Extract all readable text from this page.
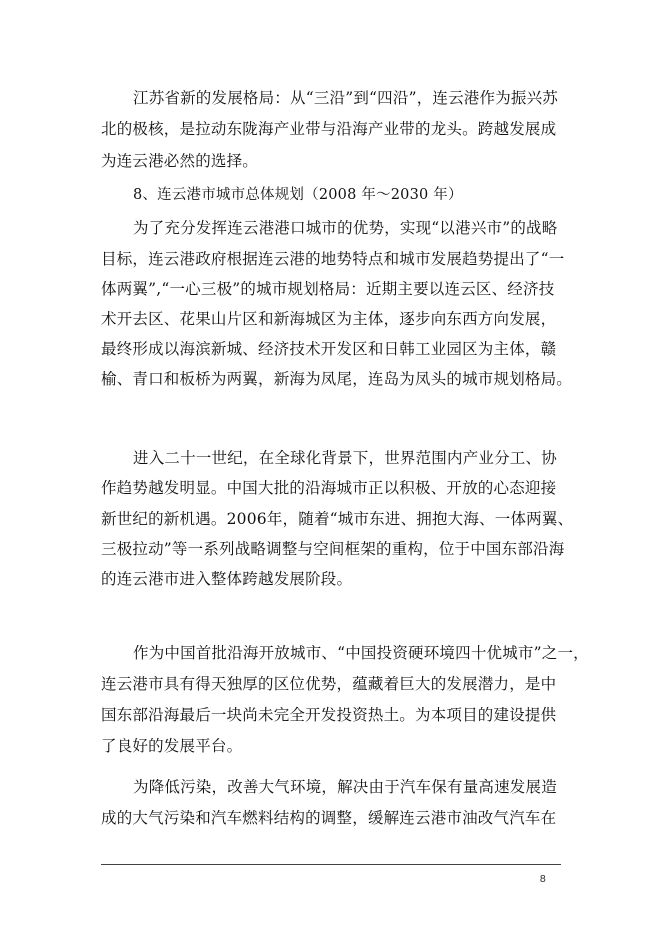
江苏省新的发展格局：从“三沿”到“四沿”，连云港作为振兴苏
北的极核，是拉动东陇海产业带与沿海产业带的龙头。跨越发展成
为连云港必然的选择。
8、连云港市城市总体规划（2008 年～2030 年）
为了充分发挥连云港港口城市的优势，实现“以港兴市”的战略
目标，连云港政府根据连云港的地势特点和城市发展趋势提出了“一
体两翼”,“一心三极”的城市规划格局：近期主要以连云区、经济技
术开去区、花果山片区和新海城区为主体，逐步向东西方向发展，
最终形成以海滨新城、经济技术开发区和日韩工业园区为主体，赣
榆、青口和板桥为两翼，新海为凤尾，连岛为凤头的城市规划格局。
进入二十一世纪，在全球化背景下，世界范围内产业分工、协
作趋势越发明显。中国大批的沿海城市正以积极、开放的心态迎接
新世纪的新机遇。2006年，随着“城市东进、拥抱大海、一体两翼、
三极拉动”等一系列战略调整与空间框架的重构，位于中国东部沿海
的连云港市进入整体跨越发展阶段。
作为中国首批沿海开放城市、“中国投资硬环境四十优城市”之一，
连云港市具有得天独厚的区位优势，蕴藏着巨大的发展潜力，是中
国东部沿海最后一块尚未完全开发投资热土。为本项目的建设提供
了良好的发展平台。
为降低污染，改善大气环境，解决由于汽车保有量高速发展造
成的大气污染和汽车燃料结构的调整，缓解连云港市油改气汽车在
8
